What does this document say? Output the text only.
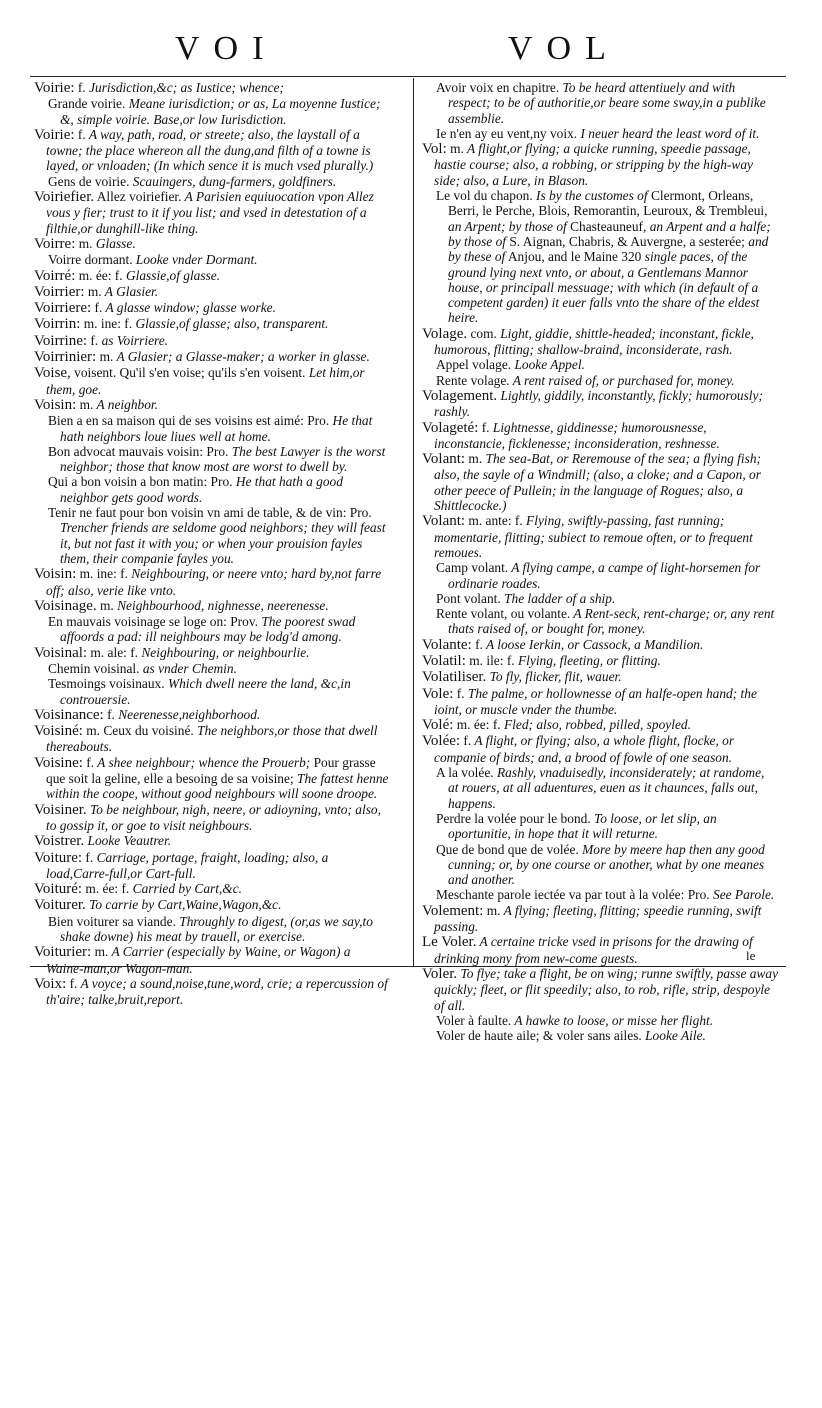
VOI	VOL

Voirie: f. Jurisdiction,&c; as Iustice; whence;

Grande voirie. Meane iurisdiction; or as, La moyenne Iustice; &, simple voirie. Base,or low Iurisdiction.

Voirie: f. A way, path, road, or streete; also, the laystall of a towne; the place whereon all the dung,and filth of a towne is layed, or vnloaden; (In which sence it is much vsed plurally.)

Gens de voirie. Scauingers, dung-farmers, goldfiners.

Voiriefier. Allez voiriefier. A Parisien equiuocation vpon Allez vous y fier; trust to it if you list; and vsed in detestation of a filthie,or dunghill-like thing.

Voirre: m. Glasse.

Voirre dormant. Looke vnder Dormant.

Voirré: m. ée: f. Glassie,of glasse.

Voirrier: m. A Glasier.

Voirriere: f. A glasse window; glasse worke.

Voirrin: m. ine: f. Glassie,of glasse; also, transparent.

Voirrine: f. as Voirriere.

Voirrinier: m. A Glasier; a Glasse-maker; a worker in glasse.

Voise, voisent. Qu'il s'en voise; qu'ils s'en voisent. Let him,or them, goe.

Voisin: m. A neighbor.

Bien a en sa maison qui de ses voisins est aimé: Pro. He that hath neighbors loue liues well at home.

Bon advocat mauvais voisin: Pro. The best Lawyer is the worst neighbor; those that know most are worst to dwell by.

Qui a bon voisin a bon matin: Pro. He that hath a good neighbor gets good words.

Tenir ne faut pour bon voisin vn ami de table, & de vin: Pro. Trencher friends are seldome good neighbors; they will feast it, but not fast it with you; or when your prouision fayles them, their companie fayles you.

Voisin: m. ine: f. Neighbouring, or neere vnto; hard by,not farre off; also, verie like vnto.

Voisinage. m. Neighbourhood, nighnesse, neerenesse.

En mauvais voisinage se loge on: Prov. The poorest swad affoords a pad: ill neighbours may be lodg'd among.

Voisinal: m. ale: f. Neighbouring, or neighbourlie.

Chemin voisinal. as vnder Chemin.

Tesmoings voisinaux. Which dwell neere the land, &c,in controuersie.

Voisinance: f. Neerenesse,neighborhood.

Voisiné: m. Ceux du voisiné. The neighbors,or those that dwell thereabouts.

Voisine: f. A shee neighbour; whence the Prouerb; Pour grasse que soit la geline, elle a besoing de sa voisine; The fattest henne within the coope, without good neighbours will soone droope.

Voisiner. To be neighbour, nigh, neere, or adioyning, vnto; also, to gossip it, or goe to visit neighbours.

Voistrer. Looke Veautrer.

Voiture: f. Carriage, portage, fraight, loading; also, a load,Carre-full,or Cart-full.

Voituré: m. ée: f. Carried by Cart,&c.

Voiturer. To carrie by Cart,Waine,Wagon,&c.

Bien voiturer sa viande. Throughly to digest, (or,as we say,to shake downe) his meat by trauell, or exercise.

Voiturier: m. A Carrier (especially by Waine, or Wagon) a Waine-man,or Wagon-man.

Voix: f. A voyce; a sound,noise,tune,word, crie; a repercussion of th'aire; talke,bruit,report.

Avoir voix en chapitre. To be heard attentiuely and with respect; to be of authoritie,or beare some sway,in a publike assemblie.

Ie n'en ay eu vent,ny voix. I neuer heard the least word of it.

Vol: m. A flight,or flying; a quicke running, speedie passage, hastie course; also, a robbing, or stripping by the high-way side; also, a Lure, in Blason.

Le vol du chapon. Is by the customes of Clermont, Orleans, Berri, le Perche, Blois, Remorantin, Leuroux, & Trembleui, an Arpent; by those of Chasteauneuf, an Arpent and a halfe; by those of S. Aignan, Chabris, & Auvergne, a sesterée; and by these of Anjou, and le Maine 320 single paces, of the ground lying next vnto, or about, a Gentlemans Mannor house, or principall messuage; with which (in default of a competent garden) it euer falls vnto the share of the eldest heire.

Volage. com. Light, giddie, shittle-headed; inconstant, fickle, humorous, flitting; shallow-braind, inconsiderate, rash.

Appel volage. Looke Appel.

Rente volage. A rent raised of, or purchased for, money.

Volagement. Lightly, giddily, inconstantly, fickly; humorously; rashly.

Volageté: f. Lightnesse, giddinesse; humorousnesse, inconstancie, ficklenesse; inconsideration, reshnesse.

Volant: m. The sea-Bat, or Reremouse of the sea; a flying fish; also, the sayle of a Windmill; (also, a cloke; and a Capon, or other peece of Pullein; in the language of Rogues; also, a Shittlecocke.)

Volant: m. ante: f. Flying, swiftly-passing, fast running; momentarie, flitting; subiect to remoue often, or to frequent remoues.

Camp volant. A flying campe, a campe of light-horsemen for ordinarie roades.

Pont volant. The ladder of a ship.

Rente volant, ou volante. A Rent-seck, rent-charge; or, any rent thats raised of, or bought for, money.

Volante: f. A loose Ierkin, or Cassock, a Mandilion.

Volatil: m. ile: f. Flying, fleeting, or flitting.

Volatiliser. To fly, flicker, flit, wauer.

Vole: f. The palme, or hollownesse of an halfe-open hand; the ioint, or muscle vnder the thumbe.

Volé: m. ée: f. Fled; also, robbed, pilled, spoyled.

Volée: f. A flight, or flying; also, a whole flight, flocke, or companie of birds; and, a brood of fowle of one season.

A la volée. Rashly, vnaduisedly, inconsiderately; at randome, at rouers, at all aduentures, euen as it chaunces, falls out, happens.

Perdre la volée pour le bond. To loose, or let slip, an oportunitie, in hope that it will returne.

Que de bond que de volée. More by meere hap then any good cunning; or, by one course or another, what by one meanes and another.

Meschante parole iectée va par tout à la volée: Pro. See Parole.

Volement: m. A flying; fleeting, flitting; speedie running, swift passing.

Le Voler. A certaine tricke vsed in prisons for the drawing of drinking mony from new-come guests.

Voler. To flye; take a flight, be on wing; runne swiftly, passe away quickly; fleet, or flit speedily; also, to rob, rifle, strip, despoyle of all.

Voler à faulte. A hawke to loose, or misse her flight.

Voler de haute aile; & voler sans ailes. Looke Aile.

le
